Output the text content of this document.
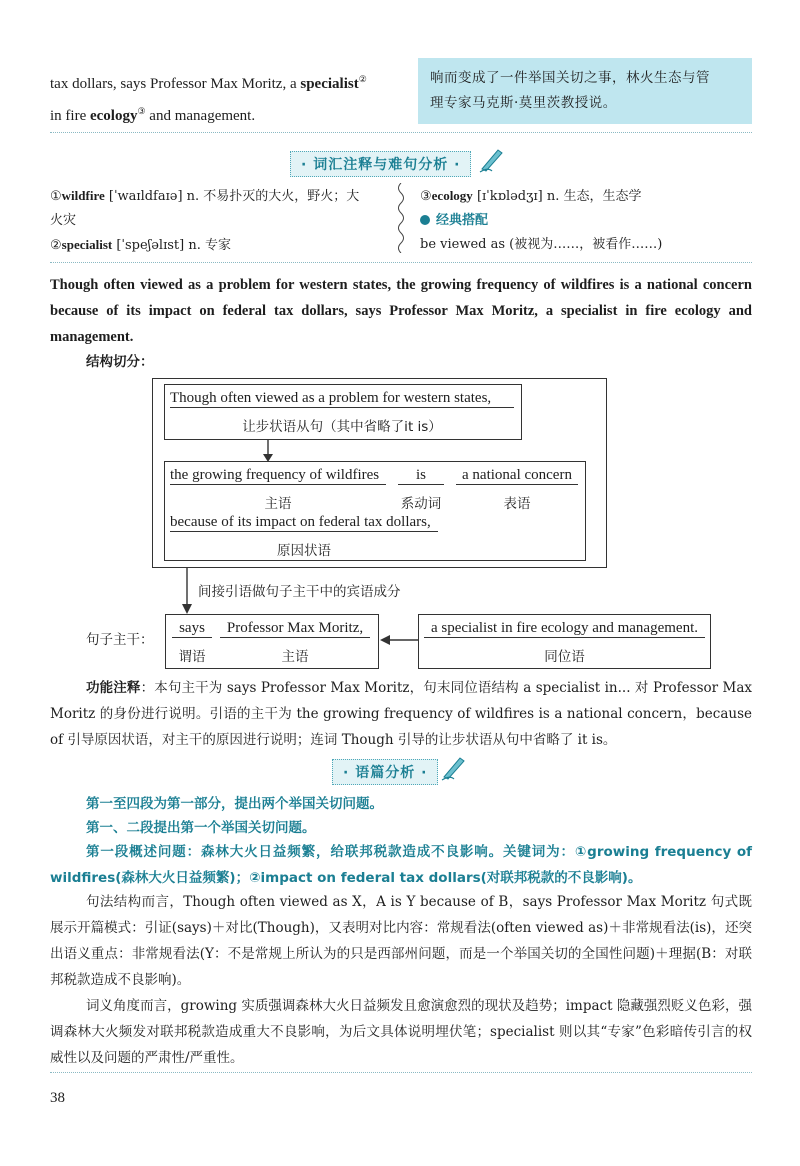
tax dollars, says Professor Max Moritz, a specialist②
in fire ecology③ and management.
响而变成了一件举国关切之事，林火生态与管
理专家马克斯·莫里茨教授说。
· 词汇注释与难句分析 ·
①wildfire [ˈwaɪldfaɪə] n. 不易扑灭的大火，野火；大
火灾
②specialist [ˈspeʃəlɪst] n. 专家
③ecology [ɪˈkɒlədʒɪ] n. 生态，生态学
经典搭配
be viewed as (被视为……，被看作……)
Though often viewed as a problem for western states, the growing frequency of wildfires is a national concern because of its impact on federal tax dollars, says Professor Max Moritz, a specialist in fire ecology and management.
结构切分：
Though often viewed as a problem for western states,
让步状语从句（其中省略了it is）
the growing frequency of wildfires
主语
is
系动词
a national concern
表语
because of its impact on federal tax dollars,
原因状语
间接引语做句子主干中的宾语成分
句子主干：
says
谓语
Professor Max Moritz,
主语
a specialist in fire ecology and management.
同位语
功能注释：本句主干为 says Professor Max Moritz，句末同位语结构 a specialist in... 对 Professor Max Moritz 的身份进行说明。引语的主干为 the growing frequency of wildfires is a national concern，because of 引导原因状语，对主干的原因进行说明；连词 Though 引导的让步状语从句中省略了 it is。
· 语篇分析 ·
第一至四段为第一部分，提出两个举国关切问题。
第一、二段提出第一个举国关切问题。
第一段概述问题：森林大火日益频繁，给联邦税款造成不良影响。关键词为：①growing frequency of wildfires(森林大火日益频繁)；②impact on federal tax dollars(对联邦税款的不良影响)。
句法结构而言，Though often viewed as X，A is Y because of B，says Professor Max Moritz 句式既展示开篇模式：引证(says)＋对比(Though)，又表明对比内容：常规看法(often viewed as)＋非常规看法(is)，还突出语义重点：非常规看法(Y：不是常规上所认为的只是西部州问题，而是一个举国关切的全国性问题)＋理据(B：对联邦税款造成不良影响)。
词义角度而言，growing 实质强调森林大火日益频发且愈演愈烈的现状及趋势；impact 隐藏强烈贬义色彩，强调森林大火频发对联邦税款造成重大不良影响，为后文具体说明埋伏笔；specialist 则以其“专家”色彩暗传引言的权威性以及问题的严肃性/严重性。
38
